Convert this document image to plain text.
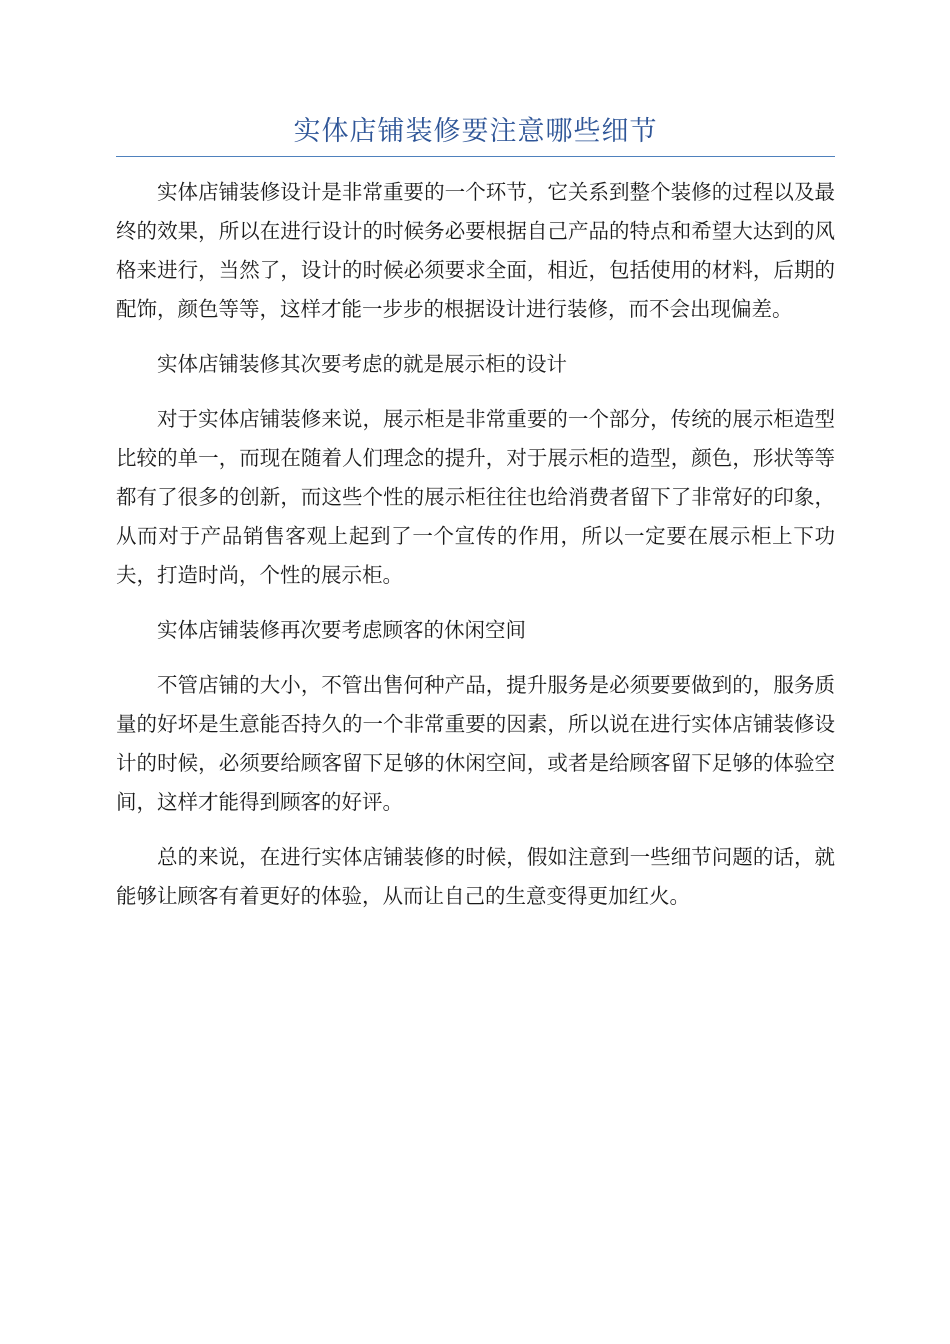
实体店铺装修要注意哪些细节

实体店铺装修设计是非常重要的一个环节，它关系到整个装修的过程以及最终的效果，所以在进行设计的时候务必要根据自己产品的特点和希望大达到的风格来进行，当然了，设计的时候必须要求全面，相近，包括使用的材料，后期的配饰，颜色等等，这样才能一步步的根据设计进行装修，而不会出现偏差。

实体店铺装修其次要考虑的就是展示柜的设计

对于实体店铺装修来说，展示柜是非常重要的一个部分，传统的展示柜造型比较的单一，而现在随着人们理念的提升，对于展示柜的造型，颜色，形状等等都有了很多的创新，而这些个性的展示柜往往也给消费者留下了非常好的印象，从而对于产品销售客观上起到了一个宣传的作用，所以一定要在展示柜上下功夫，打造时尚，个性的展示柜。

实体店铺装修再次要考虑顾客的休闲空间

不管店铺的大小，不管出售何种产品，提升服务是必须要要做到的，服务质量的好坏是生意能否持久的一个非常重要的因素，所以说在进行实体店铺装修设计的时候，必须要给顾客留下足够的休闲空间，或者是给顾客留下足够的体验空间，这样才能得到顾客的好评。

总的来说，在进行实体店铺装修的时候，假如注意到一些细节问题的话，就能够让顾客有着更好的体验，从而让自己的生意变得更加红火。
